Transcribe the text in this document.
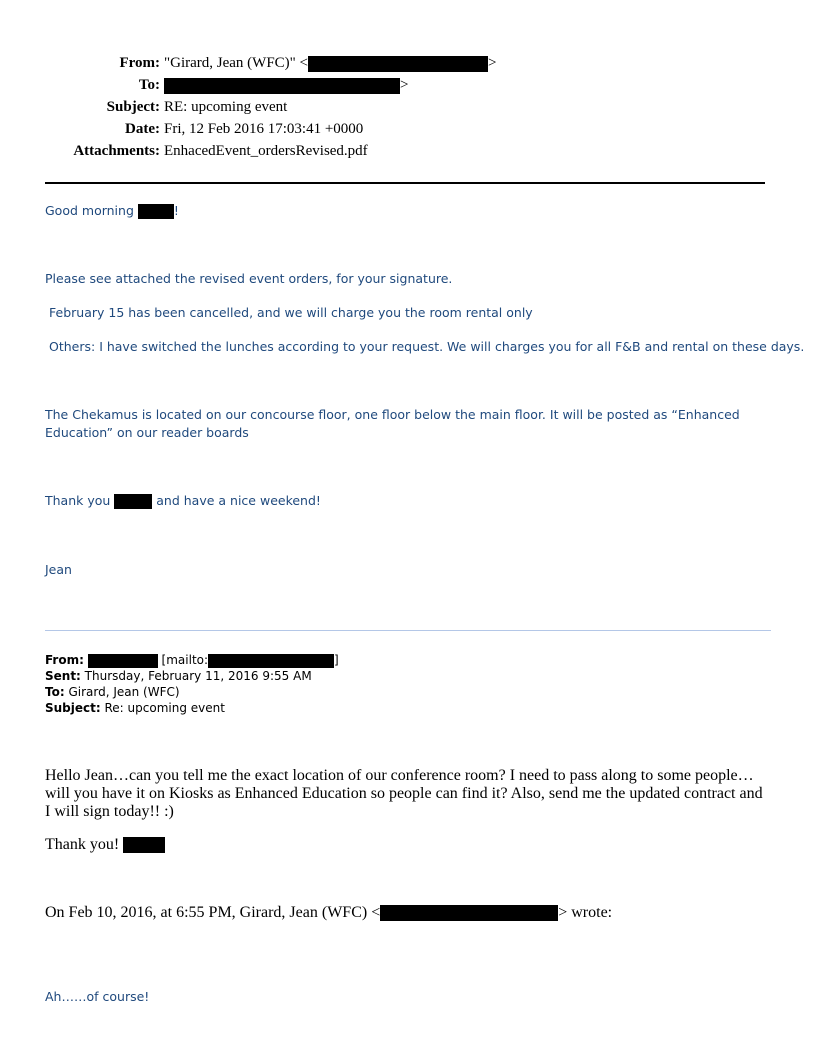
From: "Girard, Jean (WFC)" <	>
To:	>
Subject: RE: upcoming event
Date: Fri, 12 Feb 2016 17:03:41 +0000
Attachments: EnhacedEvent_ordersRevised.pdf
Good morning	!
Please see attached the revised event orders, for your signature.
February 15 has been cancelled, and we will charge you the room rental only
Others: I have switched the lunches according to your request. We will charges you for all F&B and rental on these days.
The Chekamus is located on our concourse floor, one floor below the main floor. It will be posted as “Enhanced Education” on our reader boards
Thank you	and have a nice weekend!
Jean
From:	[mailto:	]
Sent: Thursday, February 11, 2016 9:55 AM
To: Girard, Jean (WFC)
Subject: Re: upcoming event
Hello Jean…can you tell me the exact location of our conference room? I need to pass along to some people… will you have it on Kiosks as Enhanced Education so people can find it? Also, send me the updated contract and I will sign today!! :)
Thank you!
On Feb 10, 2016, at 6:55 PM, Girard, Jean (WFC) <	> wrote:
Ah……of course!
